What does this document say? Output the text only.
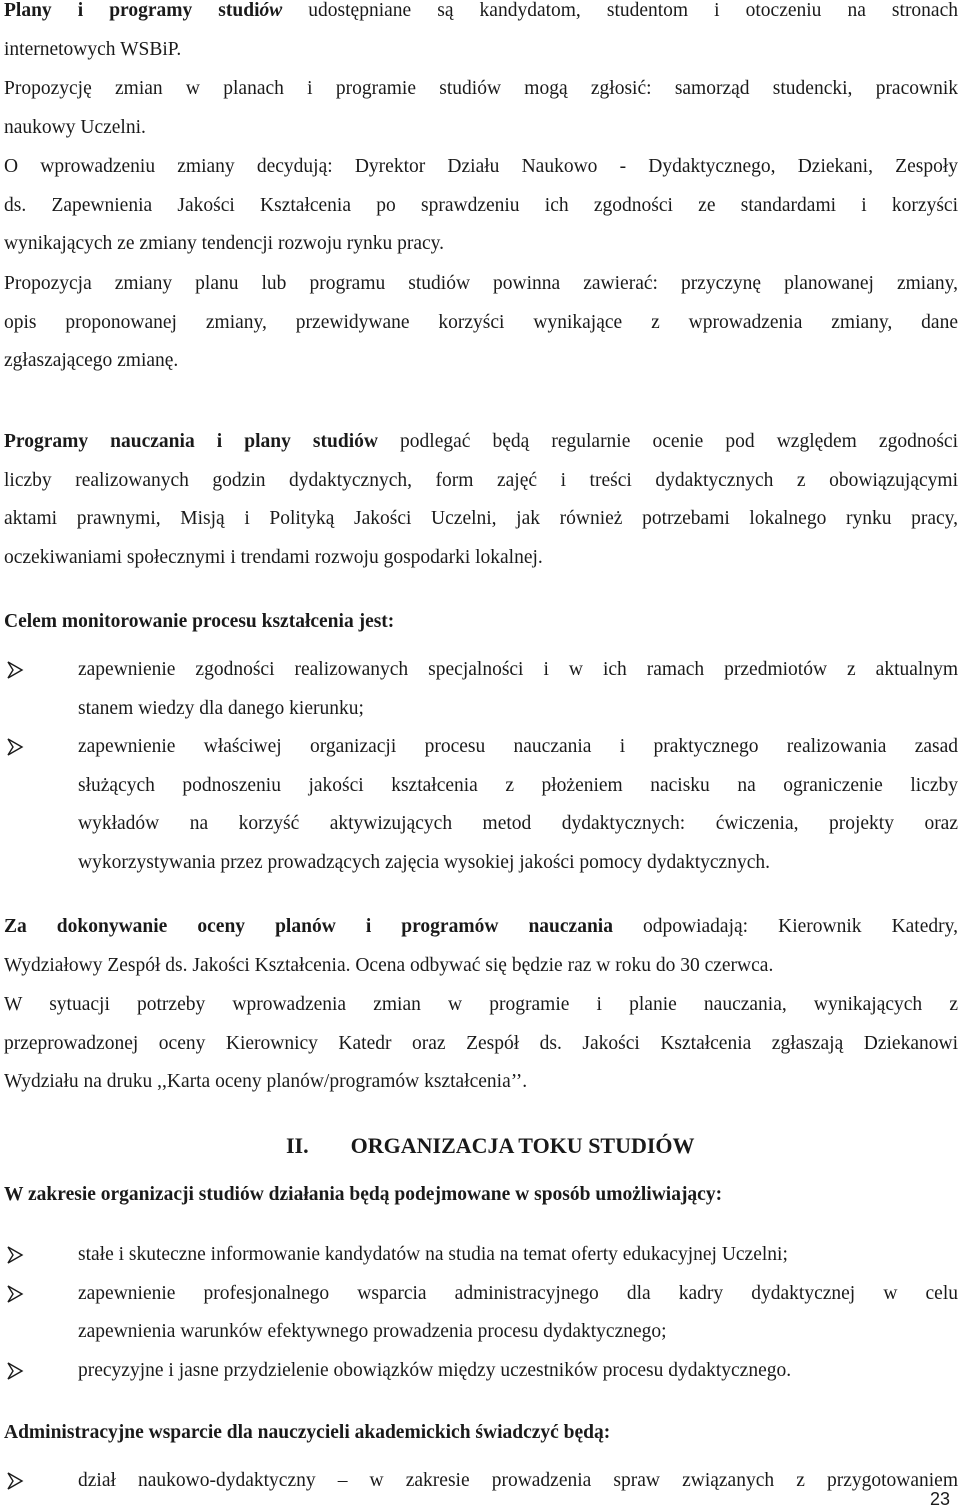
Plany i programy studiów udostępniane są kandydatom, studentom i otoczeniu na stronach
internetowych WSBiP.
Propozycję zmian w planach i programie studiów mogą zgłosić: samorząd studencki, pracownik
naukowy Uczelni.
O wprowadzeniu zmiany decydują: Dyrektor Działu Naukowo - Dydaktycznego, Dziekani, Zespoły
ds. Zapewnienia Jakości Kształcenia po sprawdzeniu ich zgodności ze standardami i korzyści
wynikających ze zmiany tendencji rozwoju rynku pracy.
Propozycja zmiany planu lub programu studiów powinna zawierać: przyczynę planowanej zmiany,
opis proponowanej zmiany, przewidywane korzyści wynikające z wprowadzenia zmiany, dane
zgłaszającego zmianę.
Programy nauczania i plany studiów podlegać będą regularnie ocenie pod względem zgodności
liczby realizowanych godzin dydaktycznych, form zajęć i treści dydaktycznych z obowiązującymi
aktami prawnymi, Misją i Polityką Jakości Uczelni, jak również potrzebami lokalnego rynku pracy,
oczekiwaniami społecznymi i trendami rozwoju gospodarki lokalnej.
Celem monitorowanie procesu kształcenia jest:
zapewnienie zgodności realizowanych specjalności i w ich ramach przedmiotów z aktualnym
stanem wiedzy dla danego kierunku;
zapewnienie właściwej organizacji procesu nauczania i praktycznego realizowania zasad
służących podnoszeniu jakości kształcenia z płożeniem nacisku na ograniczenie liczby
wykładów na korzyść aktywizujących metod dydaktycznych: ćwiczenia, projekty oraz
wykorzystywania przez prowadzących zajęcia wysokiej jakości pomocy dydaktycznych.
Za dokonywanie oceny planów i programów nauczania odpowiadają: Kierownik Katedry,
Wydziałowy Zespół ds. Jakości Kształcenia. Ocena odbywać się będzie raz w roku do 30 czerwca.
W sytuacji potrzeby wprowadzenia zmian w programie i planie nauczania, wynikających z
przeprowadzonej oceny Kierownicy Katedr oraz Zespół ds. Jakości Kształcenia zgłaszają Dziekanowi
Wydziału na druku ,,Karta oceny planów/programów kształcenia’’.
II. ORGANIZACJA TOKU STUDIÓW
W zakresie organizacji studiów działania będą podejmowane w sposób umożliwiający:
stałe i skuteczne informowanie kandydatów na studia na temat oferty edukacyjnej Uczelni;
zapewnienie profesjonalnego wsparcia administracyjnego dla kadry dydaktycznej w celu
zapewnienia warunków efektywnego prowadzenia procesu dydaktycznego;
precyzyjne i jasne przydzielenie obowiązków między uczestników procesu dydaktycznego.
Administracyjne wsparcie dla nauczycieli akademickich świadczyć będą:
dział naukowo-dydaktyczny – w zakresie prowadzenia spraw związanych z przygotowaniem
23
